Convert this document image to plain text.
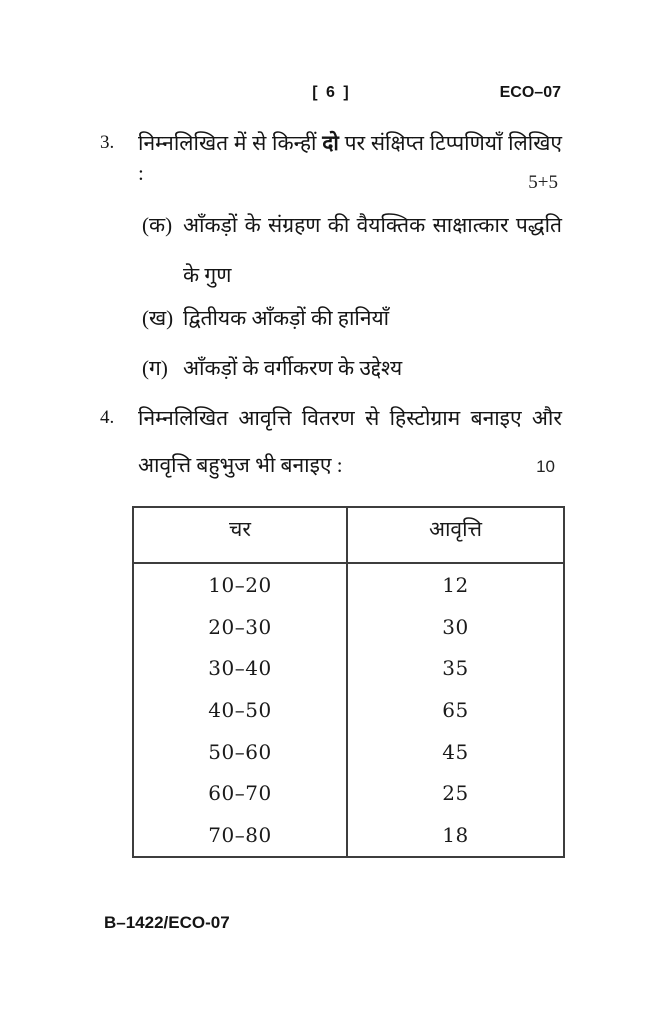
[ 6 ]	ECO–07
3. निम्नलिखित में से किन्हीं दो पर संक्षिप्त टिप्पणियाँ लिखिए :	5+5
(क) आँकड़ों के संग्रहण की वैयक्तिक साक्षात्कार पद्धति
के गुण
(ख) द्वितीयक आँकड़ों की हानियाँ
(ग) आँकड़ों के वर्गीकरण के उद्देश्य
4. निम्नलिखित आवृत्ति वितरण से हिस्टोग्राम बनाइए और
आवृत्ति बहुभुज भी बनाइए :	10
चर	आवृत्ति
10–20	12
20–30	30
30–40	35
40–50	65
50–60	45
60–70	25
70–80	18
B–1422/ECO-07
